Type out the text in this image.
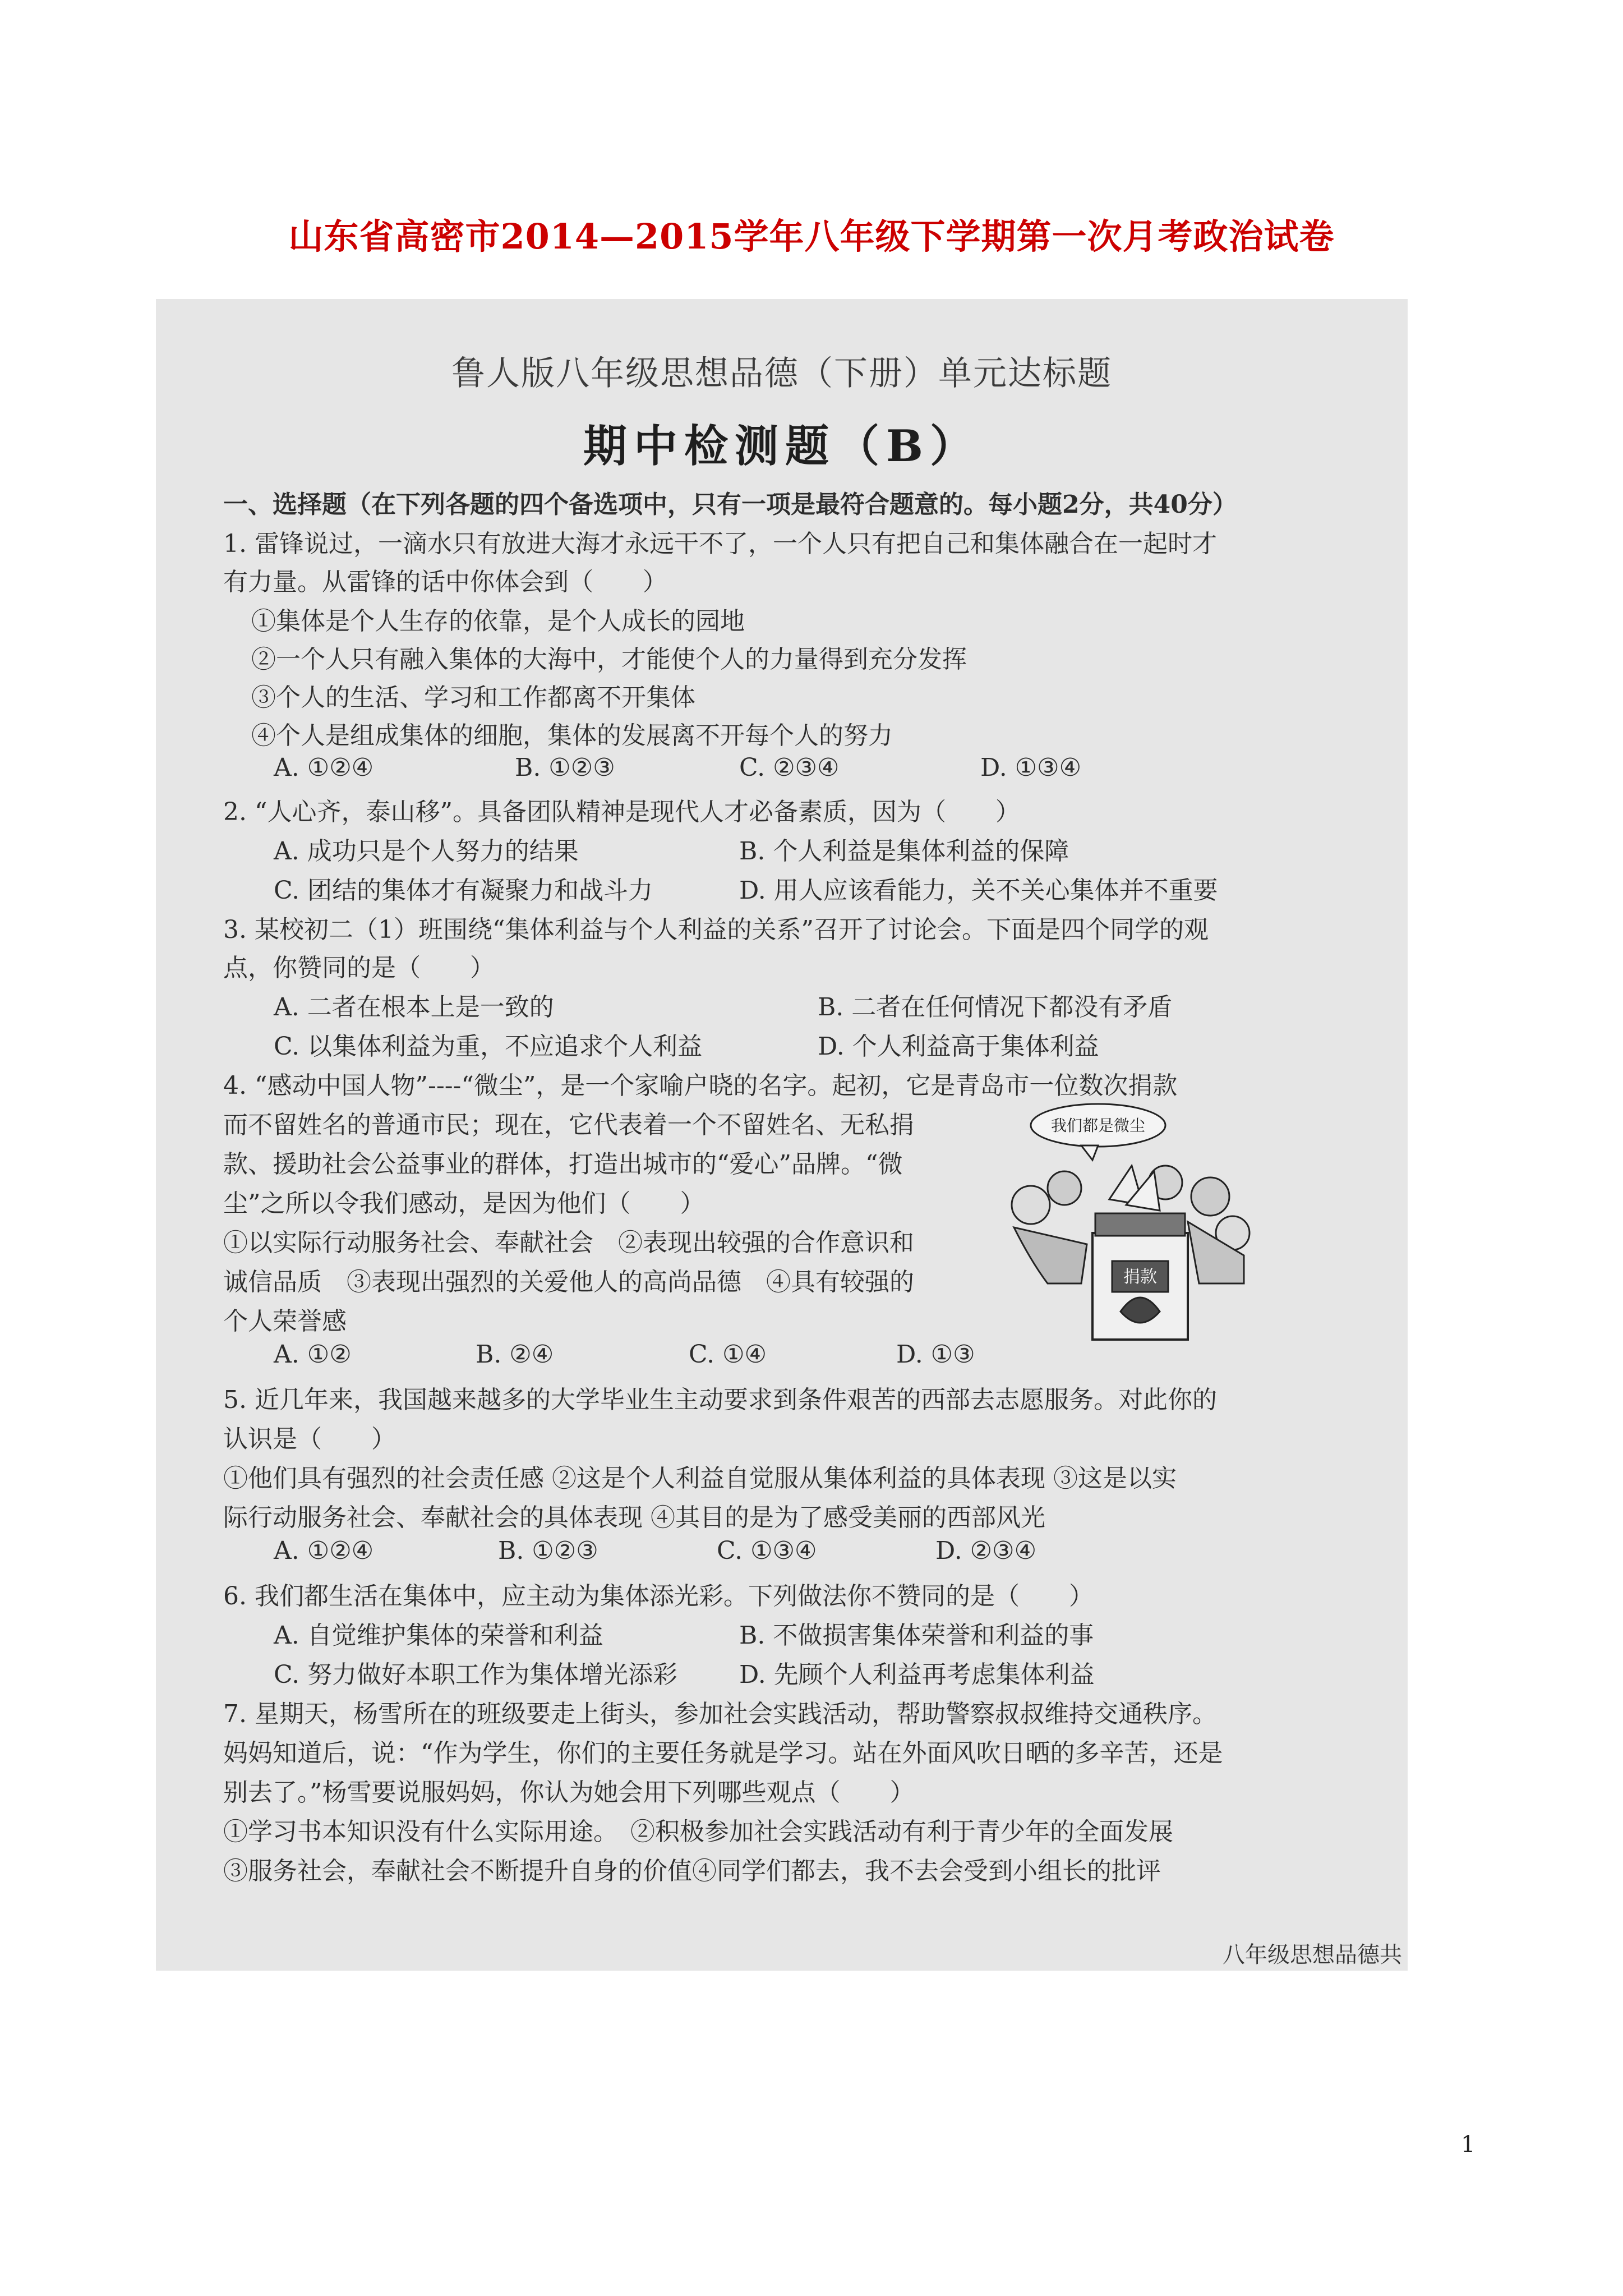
山东省高密市2014—2015学年八年级下学期第一次月考政治试卷
鲁人版八年级思想品德（下册）单元达标题
期中检测题（B）
一、选择题（在下列各题的四个备选项中，只有一项是最符合题意的。每小题2分，共40分）
1. 雷锋说过，一滴水只有放进大海才永远干不了，一个人只有把自己和集体融合在一起时才
有力量。从雷锋的话中你体会到（　　）
①集体是个人生存的依靠，是个人成长的园地
②一个人只有融入集体的大海中，才能使个人的力量得到充分发挥
③个人的生活、学习和工作都离不开集体
④个人是组成集体的细胞，集体的发展离不开每个人的努力
A. ①②④	B. ①②③	C. ②③④	D. ①③④
2. “人心齐，泰山移”。具备团队精神是现代人才必备素质，因为（　　）
A. 成功只是个人努力的结果	B. 个人利益是集体利益的保障
C. 团结的集体才有凝聚力和战斗力	D. 用人应该看能力，关不关心集体并不重要
3. 某校初二（1）班围绕“集体利益与个人利益的关系”召开了讨论会。下面是四个同学的观
点，你赞同的是（　　）
A. 二者在根本上是一致的	B. 二者在任何情况下都没有矛盾
C. 以集体利益为重，不应追求个人利益	D. 个人利益高于集体利益
4. “感动中国人物”----“微尘”，是一个家喻户晓的名字。起初，它是青岛市一位数次捐款
而不留姓名的普通市民；现在，它代表着一个不留姓名、无私捐
款、援助社会公益事业的群体，打造出城市的“爱心”品牌。“微
尘”之所以令我们感动，是因为他们（　　）
①以实际行动服务社会、奉献社会　②表现出较强的合作意识和
诚信品质　③表现出强烈的关爱他人的高尚品德　④具有较强的
个人荣誉感
A. ①②	B. ②④	C. ①④	D. ①③
我们都是微尘
捐款
5. 近几年来，我国越来越多的大学毕业生主动要求到条件艰苦的西部去志愿服务。对此你的
认识是（　　）
①他们具有强烈的社会责任感 ②这是个人利益自觉服从集体利益的具体表现 ③这是以实
际行动服务社会、奉献社会的具体表现 ④其目的是为了感受美丽的西部风光
A. ①②④	B. ①②③	C. ①③④	D. ②③④
6. 我们都生活在集体中，应主动为集体添光彩。下列做法你不赞同的是（　　）
A. 自觉维护集体的荣誉和利益	B. 不做损害集体荣誉和利益的事
C. 努力做好本职工作为集体增光添彩 D. 先顾个人利益再考虑集体利益
7. 星期天，杨雪所在的班级要走上街头，参加社会实践活动，帮助警察叔叔维持交通秩序。
妈妈知道后，说：“作为学生，你们的主要任务就是学习。站在外面风吹日晒的多辛苦，还是
别去了。”杨雪要说服妈妈，你认为她会用下列哪些观点（　　）
①学习书本知识没有什么实际用途。　②积极参加社会实践活动有利于青少年的全面发展
③服务社会，奉献社会不断提升自身的价值④同学们都去，我不去会受到小组长的批评
八年级思想品德共
1
